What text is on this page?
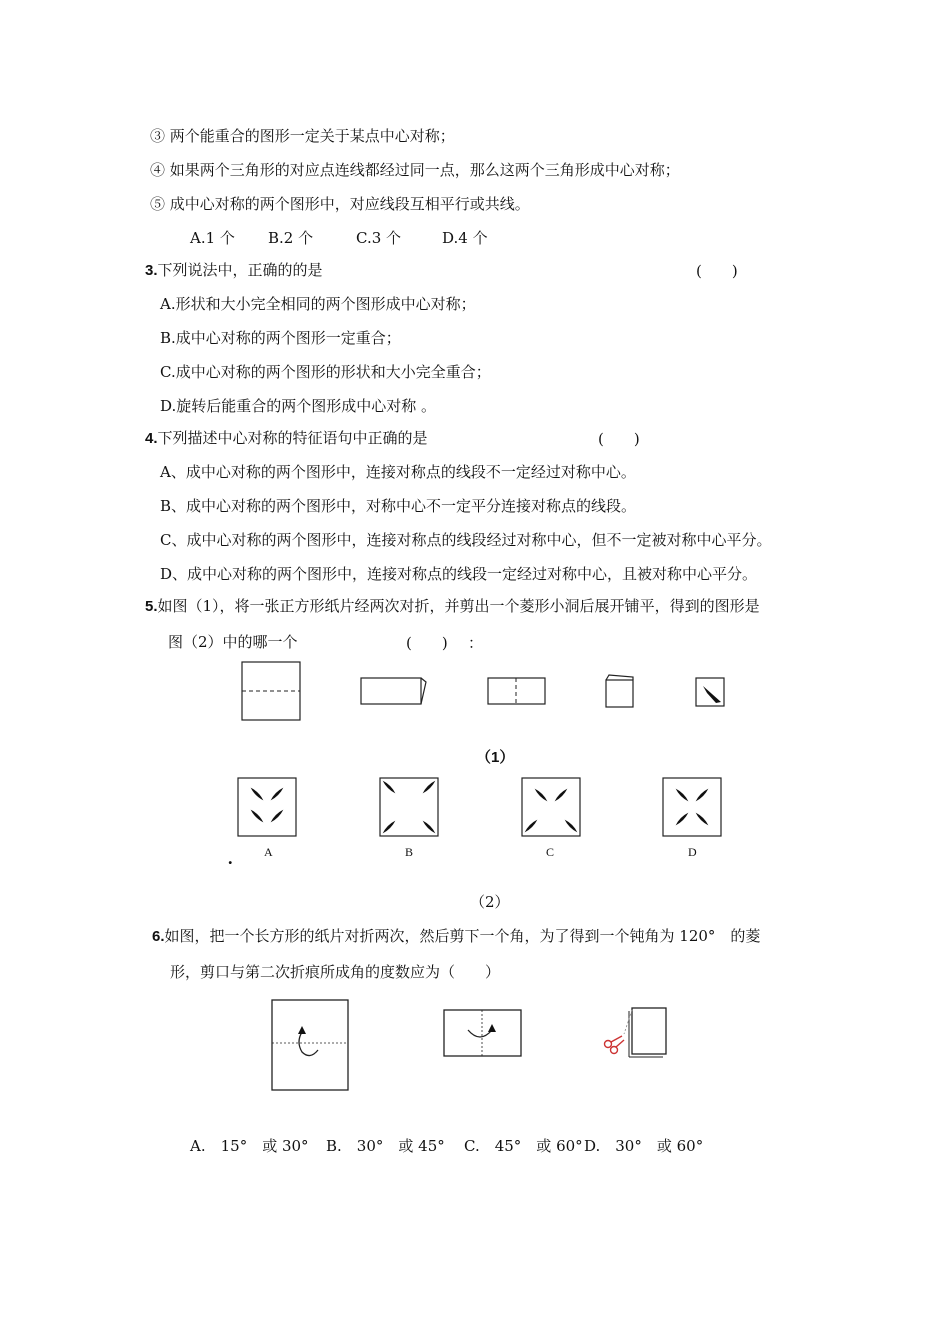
③ 两个能重合的图形一定关于某点中心对称；
④ 如果两个三角形的对应点连线都经过同一点，那么这两个三角形成中心对称；
⑤ 成中心对称的两个图形中，对应线段互相平行或共线。
A.1 个 B.2 个	C.3 个	D.4 个
3.下列说法中，正确的的是	(　　)
A.形状和大小完全相同的两个图形成中心对称；
B.成中心对称的两个图形一定重合；
C.成中心对称的两个图形的形状和大小完全重合；
D.旋转后能重合的两个图形成中心对称 。
4.下列描述中心对称的特征语句中正确的是	(　　)
A、成中心对称的两个图形中，连接对称点的线段不一定经过对称中心。
B、成中心对称的两个图形中，对称中心不一定平分连接对称点的线段。
C、成中心对称的两个图形中，连接对称点的线段经过对称中心，但不一定被对称中心平分。
D、成中心对称的两个图形中，连接对称点的线段一定经过对称中心，且被对称中心平分。
5.如图（1），将一张正方形纸片经两次对折，并剪出一个菱形小洞后展开铺平，得到的图形是
图（2）中的哪一个	(　　) ：
（1）
.	A	B	C	D
（2）
6.如图，把一个长方形的纸片对折两次，然后剪下一个角，为了得到一个钝角为 120°　的菱
形，剪口与第二次折痕所成角的度数应为（　　）
A.　15°　或 30° B.　30°　或 45° C.　45°　或 60° D.　30°　或 60°
